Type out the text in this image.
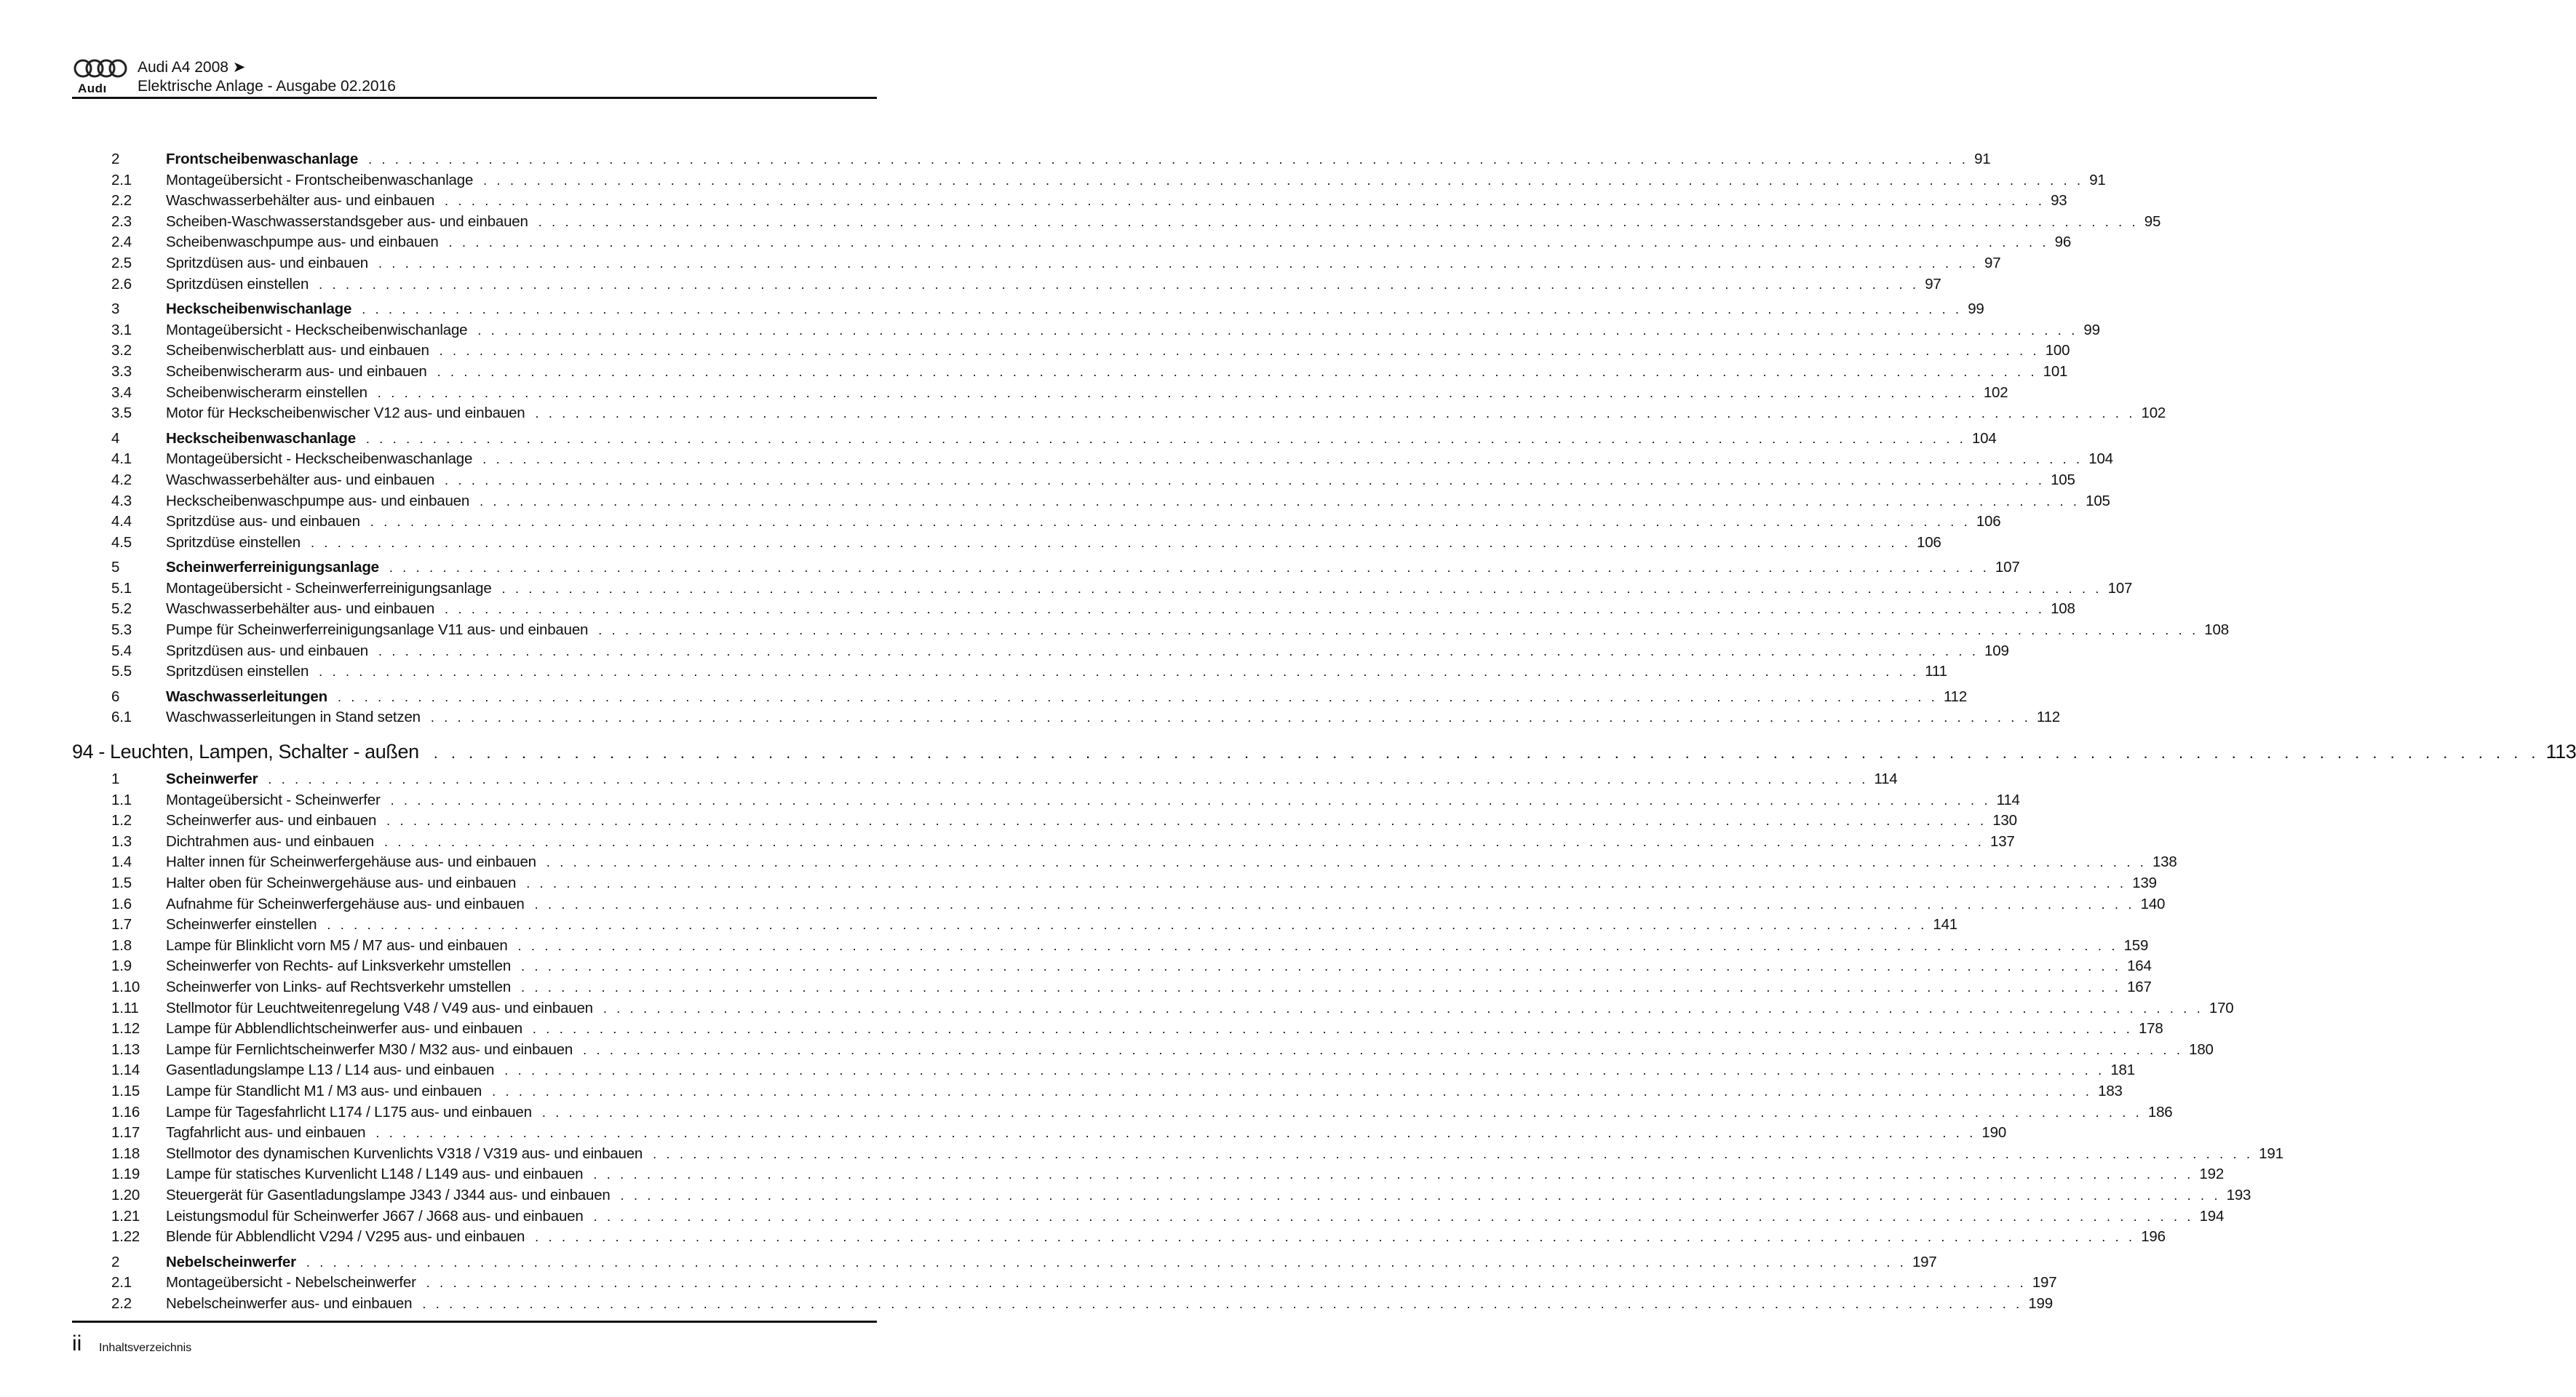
Audı
Audi A4 2008 ➤
Elektrische Anlage - Ausgabe 02.2016
2	Frontscheibenwaschanlage . . . . . . . . . . . . . . . . . . . . . . . . . . . . . . . . . . . . . . . . . . . . . . . . . . . . . . . . . . . . . . . . . . . . . . . . . . . . . . . . . . . . . . . . . . . . . . . . . . . . . . . . . . . . . . . . . . . . . . . . 91
2.1	Montageübersicht - Frontscheibenwaschanlage . . . . . . . . . . . . . . . . . . . . . . . . . . . . . . . . . . . . . . . . . . . . . . . . . . . . . . . . . . . . . . . . . . . . . . . . . . . . . . . . . . . . . . . . . . . . . . . . . . . . . . . . . . . . . . . . . . . . . . . . 91
2.2	Waschwasserbehälter aus- und einbauen . . . . . . . . . . . . . . . . . . . . . . . . . . . . . . . . . . . . . . . . . . . . . . . . . . . . . . . . . . . . . . . . . . . . . . . . . . . . . . . . . . . . . . . . . . . . . . . . . . . . . . . . . . . . . . . . . . . . . . . . 93
2.3	Scheiben-Waschwasserstandsgeber aus- und einbauen . . . . . . . . . . . . . . . . . . . . . . . . . . . . . . . . . . . . . . . . . . . . . . . . . . . . . . . . . . . . . . . . . . . . . . . . . . . . . . . . . . . . . . . . . . . . . . . . . . . . . . . . . . . . . . . . . . . . . . . . 95
2.4	Scheibenwaschpumpe aus- und einbauen . . . . . . . . . . . . . . . . . . . . . . . . . . . . . . . . . . . . . . . . . . . . . . . . . . . . . . . . . . . . . . . . . . . . . . . . . . . . . . . . . . . . . . . . . . . . . . . . . . . . . . . . . . . . . . . . . . . . . . . . 96
2.5	Spritzdüsen aus- und einbauen . . . . . . . . . . . . . . . . . . . . . . . . . . . . . . . . . . . . . . . . . . . . . . . . . . . . . . . . . . . . . . . . . . . . . . . . . . . . . . . . . . . . . . . . . . . . . . . . . . . . . . . . . . . . . . . . . . . . . . . . 97
2.6	Spritzdüsen einstellen . . . . . . . . . . . . . . . . . . . . . . . . . . . . . . . . . . . . . . . . . . . . . . . . . . . . . . . . . . . . . . . . . . . . . . . . . . . . . . . . . . . . . . . . . . . . . . . . . . . . . . . . . . . . . . . . . . . . . . . . 97
3	Heckscheibenwischanlage . . . . . . . . . . . . . . . . . . . . . . . . . . . . . . . . . . . . . . . . . . . . . . . . . . . . . . . . . . . . . . . . . . . . . . . . . . . . . . . . . . . . . . . . . . . . . . . . . . . . . . . . . . . . . . . . . . . . . . . . 99
3.1	Montageübersicht - Heckscheibenwischanlage . . . . . . . . . . . . . . . . . . . . . . . . . . . . . . . . . . . . . . . . . . . . . . . . . . . . . . . . . . . . . . . . . . . . . . . . . . . . . . . . . . . . . . . . . . . . . . . . . . . . . . . . . . . . . . . . . . . . . . . . 99
3.2	Scheibenwischerblatt aus- und einbauen . . . . . . . . . . . . . . . . . . . . . . . . . . . . . . . . . . . . . . . . . . . . . . . . . . . . . . . . . . . . . . . . . . . . . . . . . . . . . . . . . . . . . . . . . . . . . . . . . . . . . . . . . . . . . . . . . . . . . . . . 100
3.3	Scheibenwischerarm aus- und einbauen . . . . . . . . . . . . . . . . . . . . . . . . . . . . . . . . . . . . . . . . . . . . . . . . . . . . . . . . . . . . . . . . . . . . . . . . . . . . . . . . . . . . . . . . . . . . . . . . . . . . . . . . . . . . . . . . . . . . . . . . 101
3.4	Scheibenwischerarm einstellen . . . . . . . . . . . . . . . . . . . . . . . . . . . . . . . . . . . . . . . . . . . . . . . . . . . . . . . . . . . . . . . . . . . . . . . . . . . . . . . . . . . . . . . . . . . . . . . . . . . . . . . . . . . . . . . . . . . . . . . . 102
3.5	Motor für Heckscheibenwischer V12 aus- und einbauen . . . . . . . . . . . . . . . . . . . . . . . . . . . . . . . . . . . . . . . . . . . . . . . . . . . . . . . . . . . . . . . . . . . . . . . . . . . . . . . . . . . . . . . . . . . . . . . . . . . . . . . . . . . . . . . . . . . . . . . . 102
4	Heckscheibenwaschanlage . . . . . . . . . . . . . . . . . . . . . . . . . . . . . . . . . . . . . . . . . . . . . . . . . . . . . . . . . . . . . . . . . . . . . . . . . . . . . . . . . . . . . . . . . . . . . . . . . . . . . . . . . . . . . . . . . . . . . . . . 104
4.1	Montageübersicht - Heckscheibenwaschanlage . . . . . . . . . . . . . . . . . . . . . . . . . . . . . . . . . . . . . . . . . . . . . . . . . . . . . . . . . . . . . . . . . . . . . . . . . . . . . . . . . . . . . . . . . . . . . . . . . . . . . . . . . . . . . . . . . . . . . . . . 104
4.2	Waschwasserbehälter aus- und einbauen . . . . . . . . . . . . . . . . . . . . . . . . . . . . . . . . . . . . . . . . . . . . . . . . . . . . . . . . . . . . . . . . . . . . . . . . . . . . . . . . . . . . . . . . . . . . . . . . . . . . . . . . . . . . . . . . . . . . . . . . 105
4.3	Heckscheibenwaschpumpe aus- und einbauen . . . . . . . . . . . . . . . . . . . . . . . . . . . . . . . . . . . . . . . . . . . . . . . . . . . . . . . . . . . . . . . . . . . . . . . . . . . . . . . . . . . . . . . . . . . . . . . . . . . . . . . . . . . . . . . . . . . . . . . . 105
4.4	Spritzdüse aus- und einbauen . . . . . . . . . . . . . . . . . . . . . . . . . . . . . . . . . . . . . . . . . . . . . . . . . . . . . . . . . . . . . . . . . . . . . . . . . . . . . . . . . . . . . . . . . . . . . . . . . . . . . . . . . . . . . . . . . . . . . . . . 106
4.5	Spritzdüse einstellen . . . . . . . . . . . . . . . . . . . . . . . . . . . . . . . . . . . . . . . . . . . . . . . . . . . . . . . . . . . . . . . . . . . . . . . . . . . . . . . . . . . . . . . . . . . . . . . . . . . . . . . . . . . . . . . . . . . . . . . . 106
5	Scheinwerferreinigungsanlage . . . . . . . . . . . . . . . . . . . . . . . . . . . . . . . . . . . . . . . . . . . . . . . . . . . . . . . . . . . . . . . . . . . . . . . . . . . . . . . . . . . . . . . . . . . . . . . . . . . . . . . . . . . . . . . . . . . . . . . . 107
5.1	Montageübersicht - Scheinwerferreinigungsanlage . . . . . . . . . . . . . . . . . . . . . . . . . . . . . . . . . . . . . . . . . . . . . . . . . . . . . . . . . . . . . . . . . . . . . . . . . . . . . . . . . . . . . . . . . . . . . . . . . . . . . . . . . . . . . . . . . . . . . . . . 107
5.2	Waschwasserbehälter aus- und einbauen . . . . . . . . . . . . . . . . . . . . . . . . . . . . . . . . . . . . . . . . . . . . . . . . . . . . . . . . . . . . . . . . . . . . . . . . . . . . . . . . . . . . . . . . . . . . . . . . . . . . . . . . . . . . . . . . . . . . . . . . 108
5.3	Pumpe für Scheinwerferreinigungsanlage V11 aus- und einbauen . . . . . . . . . . . . . . . . . . . . . . . . . . . . . . . . . . . . . . . . . . . . . . . . . . . . . . . . . . . . . . . . . . . . . . . . . . . . . . . . . . . . . . . . . . . . . . . . . . . . . . . . . . . . . . . . . . . . . . . . 108
5.4	Spritzdüsen aus- und einbauen . . . . . . . . . . . . . . . . . . . . . . . . . . . . . . . . . . . . . . . . . . . . . . . . . . . . . . . . . . . . . . . . . . . . . . . . . . . . . . . . . . . . . . . . . . . . . . . . . . . . . . . . . . . . . . . . . . . . . . . . 109
5.5	Spritzdüsen einstellen . . . . . . . . . . . . . . . . . . . . . . . . . . . . . . . . . . . . . . . . . . . . . . . . . . . . . . . . . . . . . . . . . . . . . . . . . . . . . . . . . . . . . . . . . . . . . . . . . . . . . . . . . . . . . . . . . . . . . . . . 111
6	Waschwasserleitungen . . . . . . . . . . . . . . . . . . . . . . . . . . . . . . . . . . . . . . . . . . . . . . . . . . . . . . . . . . . . . . . . . . . . . . . . . . . . . . . . . . . . . . . . . . . . . . . . . . . . . . . . . . . . . . . . . . . . . . . . 112
6.1	Waschwasserleitungen in Stand setzen . . . . . . . . . . . . . . . . . . . . . . . . . . . . . . . . . . . . . . . . . . . . . . . . . . . . . . . . . . . . . . . . . . . . . . . . . . . . . . . . . . . . . . . . . . . . . . . . . . . . . . . . . . . . . . . . . . . . . . . . 112
94 - Leuchten, Lampen, Schalter - außen . . . . . . . . . . . . . . . . . . . . . . . . . . . . . . . . . . . . . . . . . . . . . . . . . . . . . . . . . . . . . . . . . . . . . . . . . . . . . . . . . . . . . . . . . . . . . . . . . . . . . . . . . . . . . . . . . . . . . . . . 113
1	Scheinwerfer . . . . . . . . . . . . . . . . . . . . . . . . . . . . . . . . . . . . . . . . . . . . . . . . . . . . . . . . . . . . . . . . . . . . . . . . . . . . . . . . . . . . . . . . . . . . . . . . . . . . . . . . . . . . . . . . . . . . . . . . 114
1.1	Montageübersicht - Scheinwerfer . . . . . . . . . . . . . . . . . . . . . . . . . . . . . . . . . . . . . . . . . . . . . . . . . . . . . . . . . . . . . . . . . . . . . . . . . . . . . . . . . . . . . . . . . . . . . . . . . . . . . . . . . . . . . . . . . . . . . . . . 114
1.2	Scheinwerfer aus- und einbauen . . . . . . . . . . . . . . . . . . . . . . . . . . . . . . . . . . . . . . . . . . . . . . . . . . . . . . . . . . . . . . . . . . . . . . . . . . . . . . . . . . . . . . . . . . . . . . . . . . . . . . . . . . . . . . . . . . . . . . . . 130
1.3	Dichtrahmen aus- und einbauen . . . . . . . . . . . . . . . . . . . . . . . . . . . . . . . . . . . . . . . . . . . . . . . . . . . . . . . . . . . . . . . . . . . . . . . . . . . . . . . . . . . . . . . . . . . . . . . . . . . . . . . . . . . . . . . . . . . . . . . . 137
1.4	Halter innen für Scheinwerfergehäuse aus- und einbauen . . . . . . . . . . . . . . . . . . . . . . . . . . . . . . . . . . . . . . . . . . . . . . . . . . . . . . . . . . . . . . . . . . . . . . . . . . . . . . . . . . . . . . . . . . . . . . . . . . . . . . . . . . . . . . . . . . . . . . . . 138
1.5	Halter oben für Scheinwergehäuse aus- und einbauen . . . . . . . . . . . . . . . . . . . . . . . . . . . . . . . . . . . . . . . . . . . . . . . . . . . . . . . . . . . . . . . . . . . . . . . . . . . . . . . . . . . . . . . . . . . . . . . . . . . . . . . . . . . . . . . . . . . . . . . . 139
1.6	Aufnahme für Scheinwerfergehäuse aus- und einbauen . . . . . . . . . . . . . . . . . . . . . . . . . . . . . . . . . . . . . . . . . . . . . . . . . . . . . . . . . . . . . . . . . . . . . . . . . . . . . . . . . . . . . . . . . . . . . . . . . . . . . . . . . . . . . . . . . . . . . . . . 140
1.7	Scheinwerfer einstellen . . . . . . . . . . . . . . . . . . . . . . . . . . . . . . . . . . . . . . . . . . . . . . . . . . . . . . . . . . . . . . . . . . . . . . . . . . . . . . . . . . . . . . . . . . . . . . . . . . . . . . . . . . . . . . . . . . . . . . . . 141
1.8	Lampe für Blinklicht vorn M5 / M7 aus- und einbauen . . . . . . . . . . . . . . . . . . . . . . . . . . . . . . . . . . . . . . . . . . . . . . . . . . . . . . . . . . . . . . . . . . . . . . . . . . . . . . . . . . . . . . . . . . . . . . . . . . . . . . . . . . . . . . . . . . . . . . . . 159
1.9	Scheinwerfer von Rechts- auf Linksverkehr umstellen . . . . . . . . . . . . . . . . . . . . . . . . . . . . . . . . . . . . . . . . . . . . . . . . . . . . . . . . . . . . . . . . . . . . . . . . . . . . . . . . . . . . . . . . . . . . . . . . . . . . . . . . . . . . . . . . . . . . . . . . 164
1.10	Scheinwerfer von Links- auf Rechtsverkehr umstellen . . . . . . . . . . . . . . . . . . . . . . . . . . . . . . . . . . . . . . . . . . . . . . . . . . . . . . . . . . . . . . . . . . . . . . . . . . . . . . . . . . . . . . . . . . . . . . . . . . . . . . . . . . . . . . . . . . . . . . . . 167
1.11	Stellmotor für Leuchtweitenregelung V48 / V49 aus- und einbauen . . . . . . . . . . . . . . . . . . . . . . . . . . . . . . . . . . . . . . . . . . . . . . . . . . . . . . . . . . . . . . . . . . . . . . . . . . . . . . . . . . . . . . . . . . . . . . . . . . . . . . . . . . . . . . . . . . . . . . . . 170
1.12	Lampe für Abblendlichtscheinwerfer aus- und einbauen . . . . . . . . . . . . . . . . . . . . . . . . . . . . . . . . . . . . . . . . . . . . . . . . . . . . . . . . . . . . . . . . . . . . . . . . . . . . . . . . . . . . . . . . . . . . . . . . . . . . . . . . . . . . . . . . . . . . . . . . 178
1.13	Lampe für Fernlichtscheinwerfer M30 / M32 aus- und einbauen . . . . . . . . . . . . . . . . . . . . . . . . . . . . . . . . . . . . . . . . . . . . . . . . . . . . . . . . . . . . . . . . . . . . . . . . . . . . . . . . . . . . . . . . . . . . . . . . . . . . . . . . . . . . . . . . . . . . . . . . 180
1.14	Gasentladungslampe L13 / L14 aus- und einbauen . . . . . . . . . . . . . . . . . . . . . . . . . . . . . . . . . . . . . . . . . . . . . . . . . . . . . . . . . . . . . . . . . . . . . . . . . . . . . . . . . . . . . . . . . . . . . . . . . . . . . . . . . . . . . . . . . . . . . . . . 181
1.15	Lampe für Standlicht M1 / M3 aus- und einbauen . . . . . . . . . . . . . . . . . . . . . . . . . . . . . . . . . . . . . . . . . . . . . . . . . . . . . . . . . . . . . . . . . . . . . . . . . . . . . . . . . . . . . . . . . . . . . . . . . . . . . . . . . . . . . . . . . . . . . . . . 183
1.16	Lampe für Tagesfahrlicht L174 / L175 aus- und einbauen . . . . . . . . . . . . . . . . . . . . . . . . . . . . . . . . . . . . . . . . . . . . . . . . . . . . . . . . . . . . . . . . . . . . . . . . . . . . . . . . . . . . . . . . . . . . . . . . . . . . . . . . . . . . . . . . . . . . . . . . 186
1.17	Tagfahrlicht aus- und einbauen . . . . . . . . . . . . . . . . . . . . . . . . . . . . . . . . . . . . . . . . . . . . . . . . . . . . . . . . . . . . . . . . . . . . . . . . . . . . . . . . . . . . . . . . . . . . . . . . . . . . . . . . . . . . . . . . . . . . . . . . 190
1.18	Stellmotor des dynamischen Kurvenlichts V318 / V319 aus- und einbauen . . . . . . . . . . . . . . . . . . . . . . . . . . . . . . . . . . . . . . . . . . . . . . . . . . . . . . . . . . . . . . . . . . . . . . . . . . . . . . . . . . . . . . . . . . . . . . . . . . . . . . . . . . . . . . . . . . . . . . . . 191
1.19	Lampe für statisches Kurvenlicht L148 / L149 aus- und einbauen . . . . . . . . . . . . . . . . . . . . . . . . . . . . . . . . . . . . . . . . . . . . . . . . . . . . . . . . . . . . . . . . . . . . . . . . . . . . . . . . . . . . . . . . . . . . . . . . . . . . . . . . . . . . . . . . . . . . . . . . 192
1.20	Steuergerät für Gasentladungslampe J343 / J344 aus- und einbauen . . . . . . . . . . . . . . . . . . . . . . . . . . . . . . . . . . . . . . . . . . . . . . . . . . . . . . . . . . . . . . . . . . . . . . . . . . . . . . . . . . . . . . . . . . . . . . . . . . . . . . . . . . . . . . . . . . . . . . . . 193
1.21	Leistungsmodul für Scheinwerfer J667 / J668 aus- und einbauen . . . . . . . . . . . . . . . . . . . . . . . . . . . . . . . . . . . . . . . . . . . . . . . . . . . . . . . . . . . . . . . . . . . . . . . . . . . . . . . . . . . . . . . . . . . . . . . . . . . . . . . . . . . . . . . . . . . . . . . . 194
1.22	Blende für Abblendlicht V294 / V295 aus- und einbauen . . . . . . . . . . . . . . . . . . . . . . . . . . . . . . . . . . . . . . . . . . . . . . . . . . . . . . . . . . . . . . . . . . . . . . . . . . . . . . . . . . . . . . . . . . . . . . . . . . . . . . . . . . . . . . . . . . . . . . . . 196
2	Nebelscheinwerfer . . . . . . . . . . . . . . . . . . . . . . . . . . . . . . . . . . . . . . . . . . . . . . . . . . . . . . . . . . . . . . . . . . . . . . . . . . . . . . . . . . . . . . . . . . . . . . . . . . . . . . . . . . . . . . . . . . . . . . . . 197
2.1	Montageübersicht - Nebelscheinwerfer . . . . . . . . . . . . . . . . . . . . . . . . . . . . . . . . . . . . . . . . . . . . . . . . . . . . . . . . . . . . . . . . . . . . . . . . . . . . . . . . . . . . . . . . . . . . . . . . . . . . . . . . . . . . . . . . . . . . . . . . 197
2.2	Nebelscheinwerfer aus- und einbauen . . . . . . . . . . . . . . . . . . . . . . . . . . . . . . . . . . . . . . . . . . . . . . . . . . . . . . . . . . . . . . . . . . . . . . . . . . . . . . . . . . . . . . . . . . . . . . . . . . . . . . . . . . . . . . . . . . . . . . . . 199
ii Inhaltsverzeichnis
